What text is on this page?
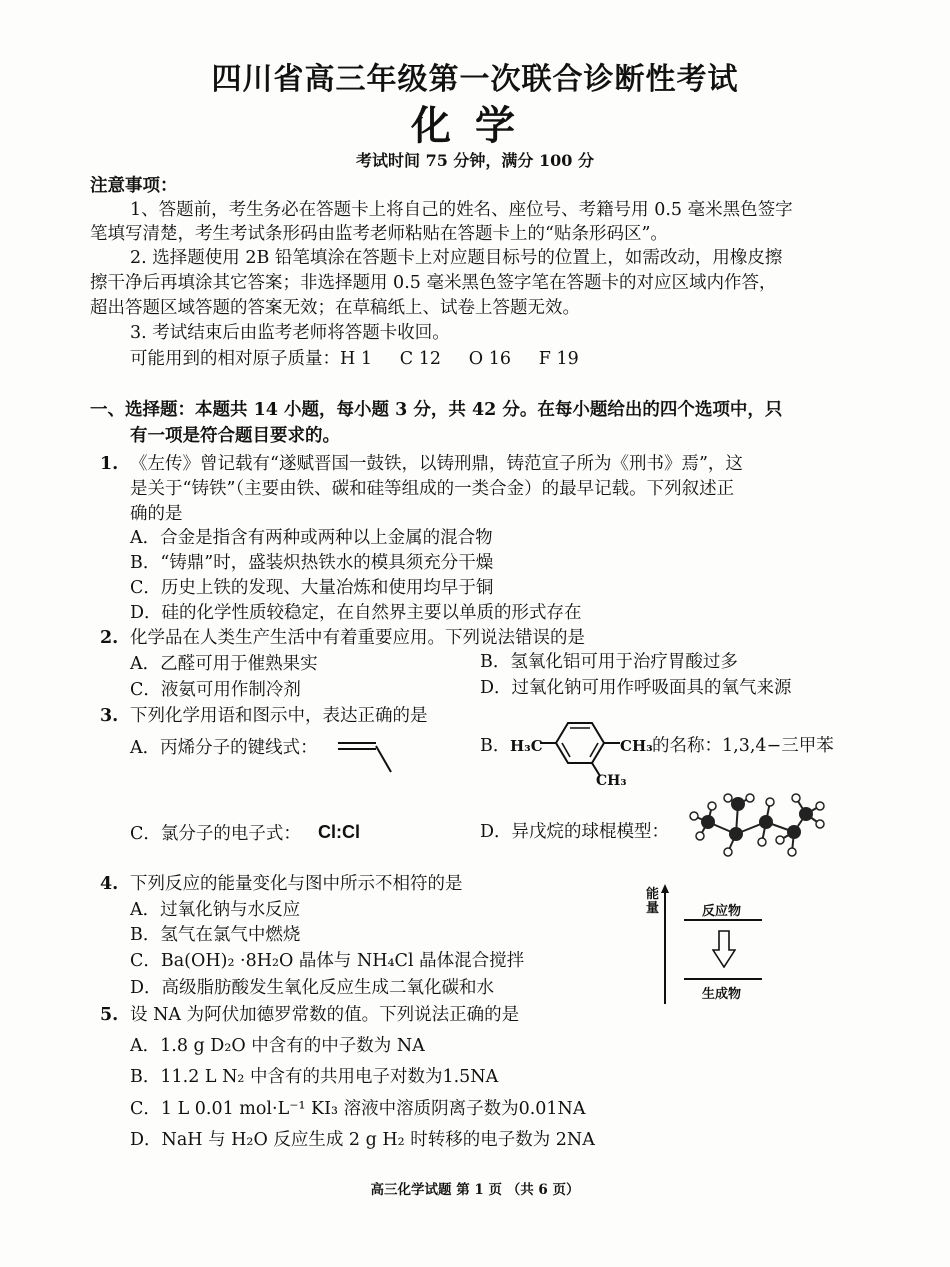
四川省高三年级第一次联合诊断性考试
化学
考试时间 75 分钟，满分 100 分
注意事项：
1、答题前，考生务必在答题卡上将自己的姓名、座位号、考籍号用 0.5 毫米黑色签字
笔填写清楚，考生考试条形码由监考老师粘贴在答题卡上的“贴条形码区”。
2. 选择题使用 2B 铅笔填涂在答题卡上对应题目标号的位置上，如需改动，用橡皮擦
擦干净后再填涂其它答案；非选择题用 0.5 毫米黑色签字笔在答题卡的对应区域内作答，
超出答题区域答题的答案无效；在草稿纸上、试卷上答题无效。
3. 考试结束后由监考老师将答题卡收回。
可能用到的相对原子质量：H 1     C 12     O 16     F 19
一、选择题：本题共 14 小题，每小题 3 分，共 42 分。在每小题给出的四个选项中，只
有一项是符合题目要求的。
1. 《左传》曾记载有“遂赋晋国一鼓铁，以铸刑鼎，铸范宣子所为《刑书》焉”，这
是关于“铸铁”（主要由铁、碳和硅等组成的一类合金）的最早记载。下列叙述正
确的是
A．合金是指含有两种或两种以上金属的混合物
B．“铸鼎”时，盛装炽热铁水的模具须充分干燥
C．历史上铁的发现、大量冶炼和使用均早于铜
D．硅的化学性质较稳定，在自然界主要以单质的形式存在
2. 化学品在人类生产生活中有着重要应用。下列说法错误的是
A．乙醛可用于催熟果实	B．氢氧化铝可用于治疗胃酸过多
C．液氨可用作制冷剂	D．过氧化钠可用作呼吸面具的氧气来源
3. 下列化学用语和图示中，表达正确的是
A．丙烯分子的键线式：	B． H₃C	CH₃ 的名称：1,3,4−三甲苯
CH₃
C．氯分子的电子式： Cl:Cl	D．异戊烷的球棍模型：
4. 下列反应的能量变化与图中所示不相符的是
A．过氧化钠与水反应
B．氢气在氯气中燃烧
C．Ba(OH)₂ ·8H₂O 晶体与 NH₄Cl 晶体混合搅拌
D．高级脂肪酸发生氧化反应生成二氧化碳和水
能量	反应物
生成物
5. 设 NA 为阿伏加德罗常数的值。下列说法正确的是
A．1.8 g D₂O 中含有的中子数为 NA
B．11.2 L N₂ 中含有的共用电子对数为1.5NA
C．1 L 0.01 mol·L⁻¹ KI₃ 溶液中溶质阴离子数为0.01NA
D．NaH 与 H₂O 反应生成 2 g H₂ 时转移的电子数为 2NA
高三化学试题 第 1 页 （共 6 页）
